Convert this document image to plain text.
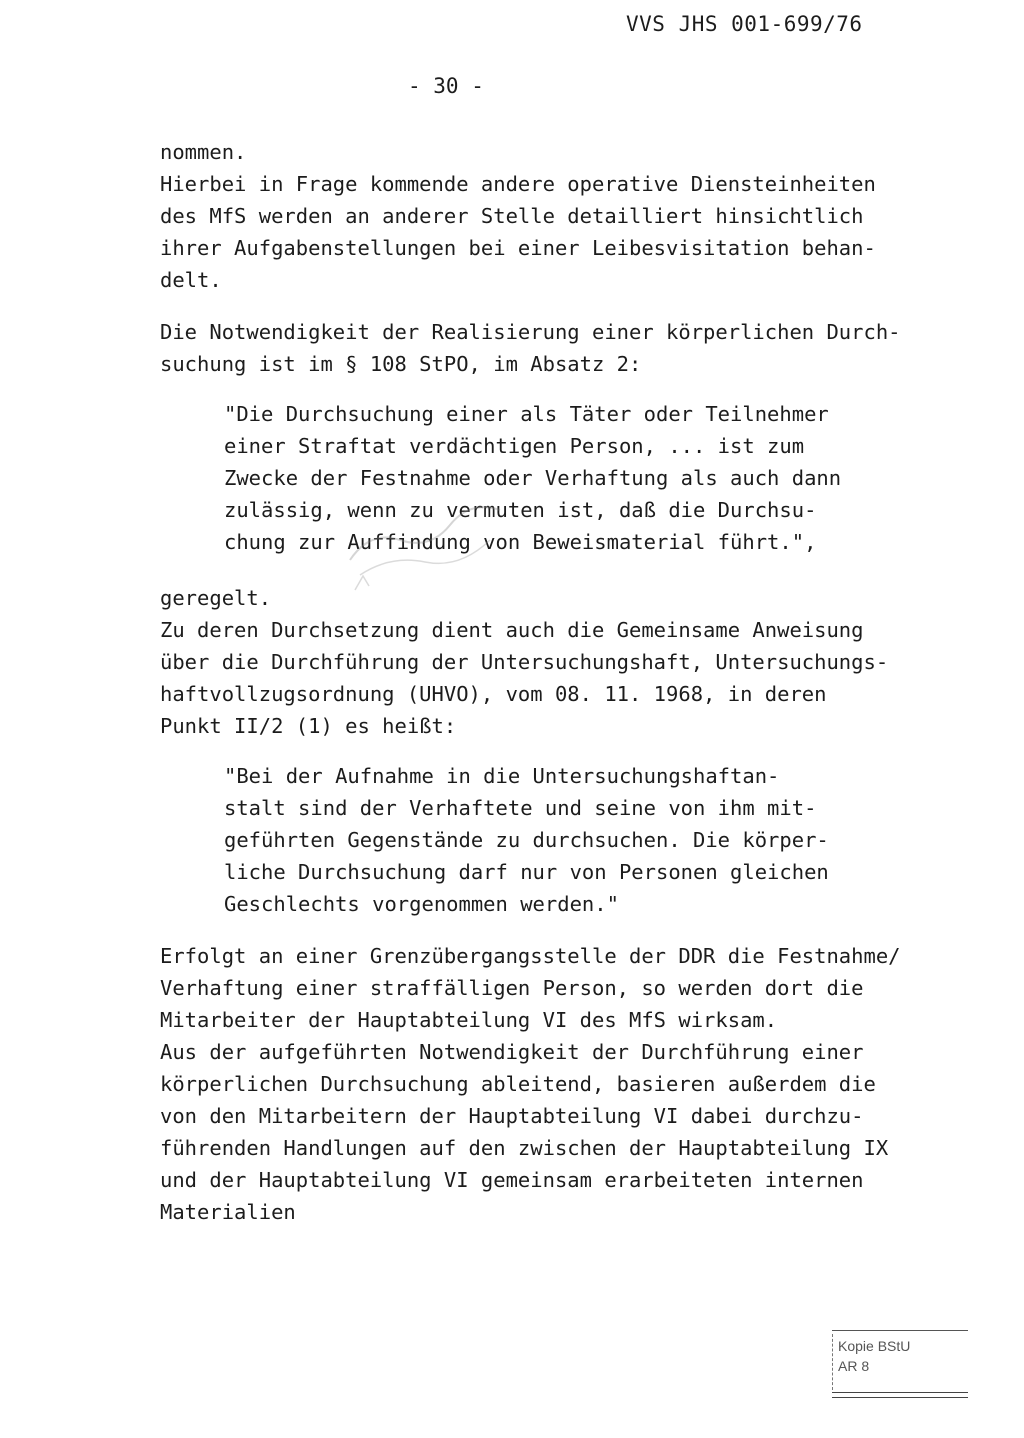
VVS JHS 001-699/76
- 30 -
nommen.
Hierbei in Frage kommende andere operative Diensteinheiten
des MfS werden an anderer Stelle detailliert hinsichtlich
ihrer Aufgabenstellungen bei einer Leibesvisitation behan-
delt.
Die Notwendigkeit der Realisierung einer körperlichen Durch-
suchung ist im § 108 StPO, im Absatz 2:
"Die Durchsuchung einer als Täter oder Teilnehmer
einer Straftat verdächtigen Person, ... ist zum
Zwecke der Festnahme oder Verhaftung als auch dann
zulässig, wenn zu vermuten ist, daß die Durchsu-
chung zur Auffindung von Beweismaterial führt.",
geregelt.
Zu deren Durchsetzung dient auch die Gemeinsame Anweisung
über die Durchführung der Untersuchungshaft, Untersuchungs-
haftvollzugsordnung (UHVO), vom 08. 11. 1968, in deren
Punkt II/2 (1) es heißt:
"Bei der Aufnahme in die Untersuchungshaftan-
stalt sind der Verhaftete und seine von ihm mit-
geführten Gegenstände zu durchsuchen. Die körper-
liche Durchsuchung darf nur von Personen gleichen
Geschlechts vorgenommen werden."
Erfolgt an einer Grenzübergangsstelle der DDR die Festnahme/
Verhaftung einer straffälligen Person, so werden dort die
Mitarbeiter der Hauptabteilung VI des MfS wirksam.
Aus der aufgeführten Notwendigkeit der Durchführung einer
körperlichen Durchsuchung ableitend, basieren außerdem die
von den Mitarbeitern der Hauptabteilung VI dabei durchzu-
führenden Handlungen auf den zwischen der Hauptabteilung IX
und der Hauptabteilung VI gemeinsam erarbeiteten internen
Materialien
Kopie BStU
AR 8
